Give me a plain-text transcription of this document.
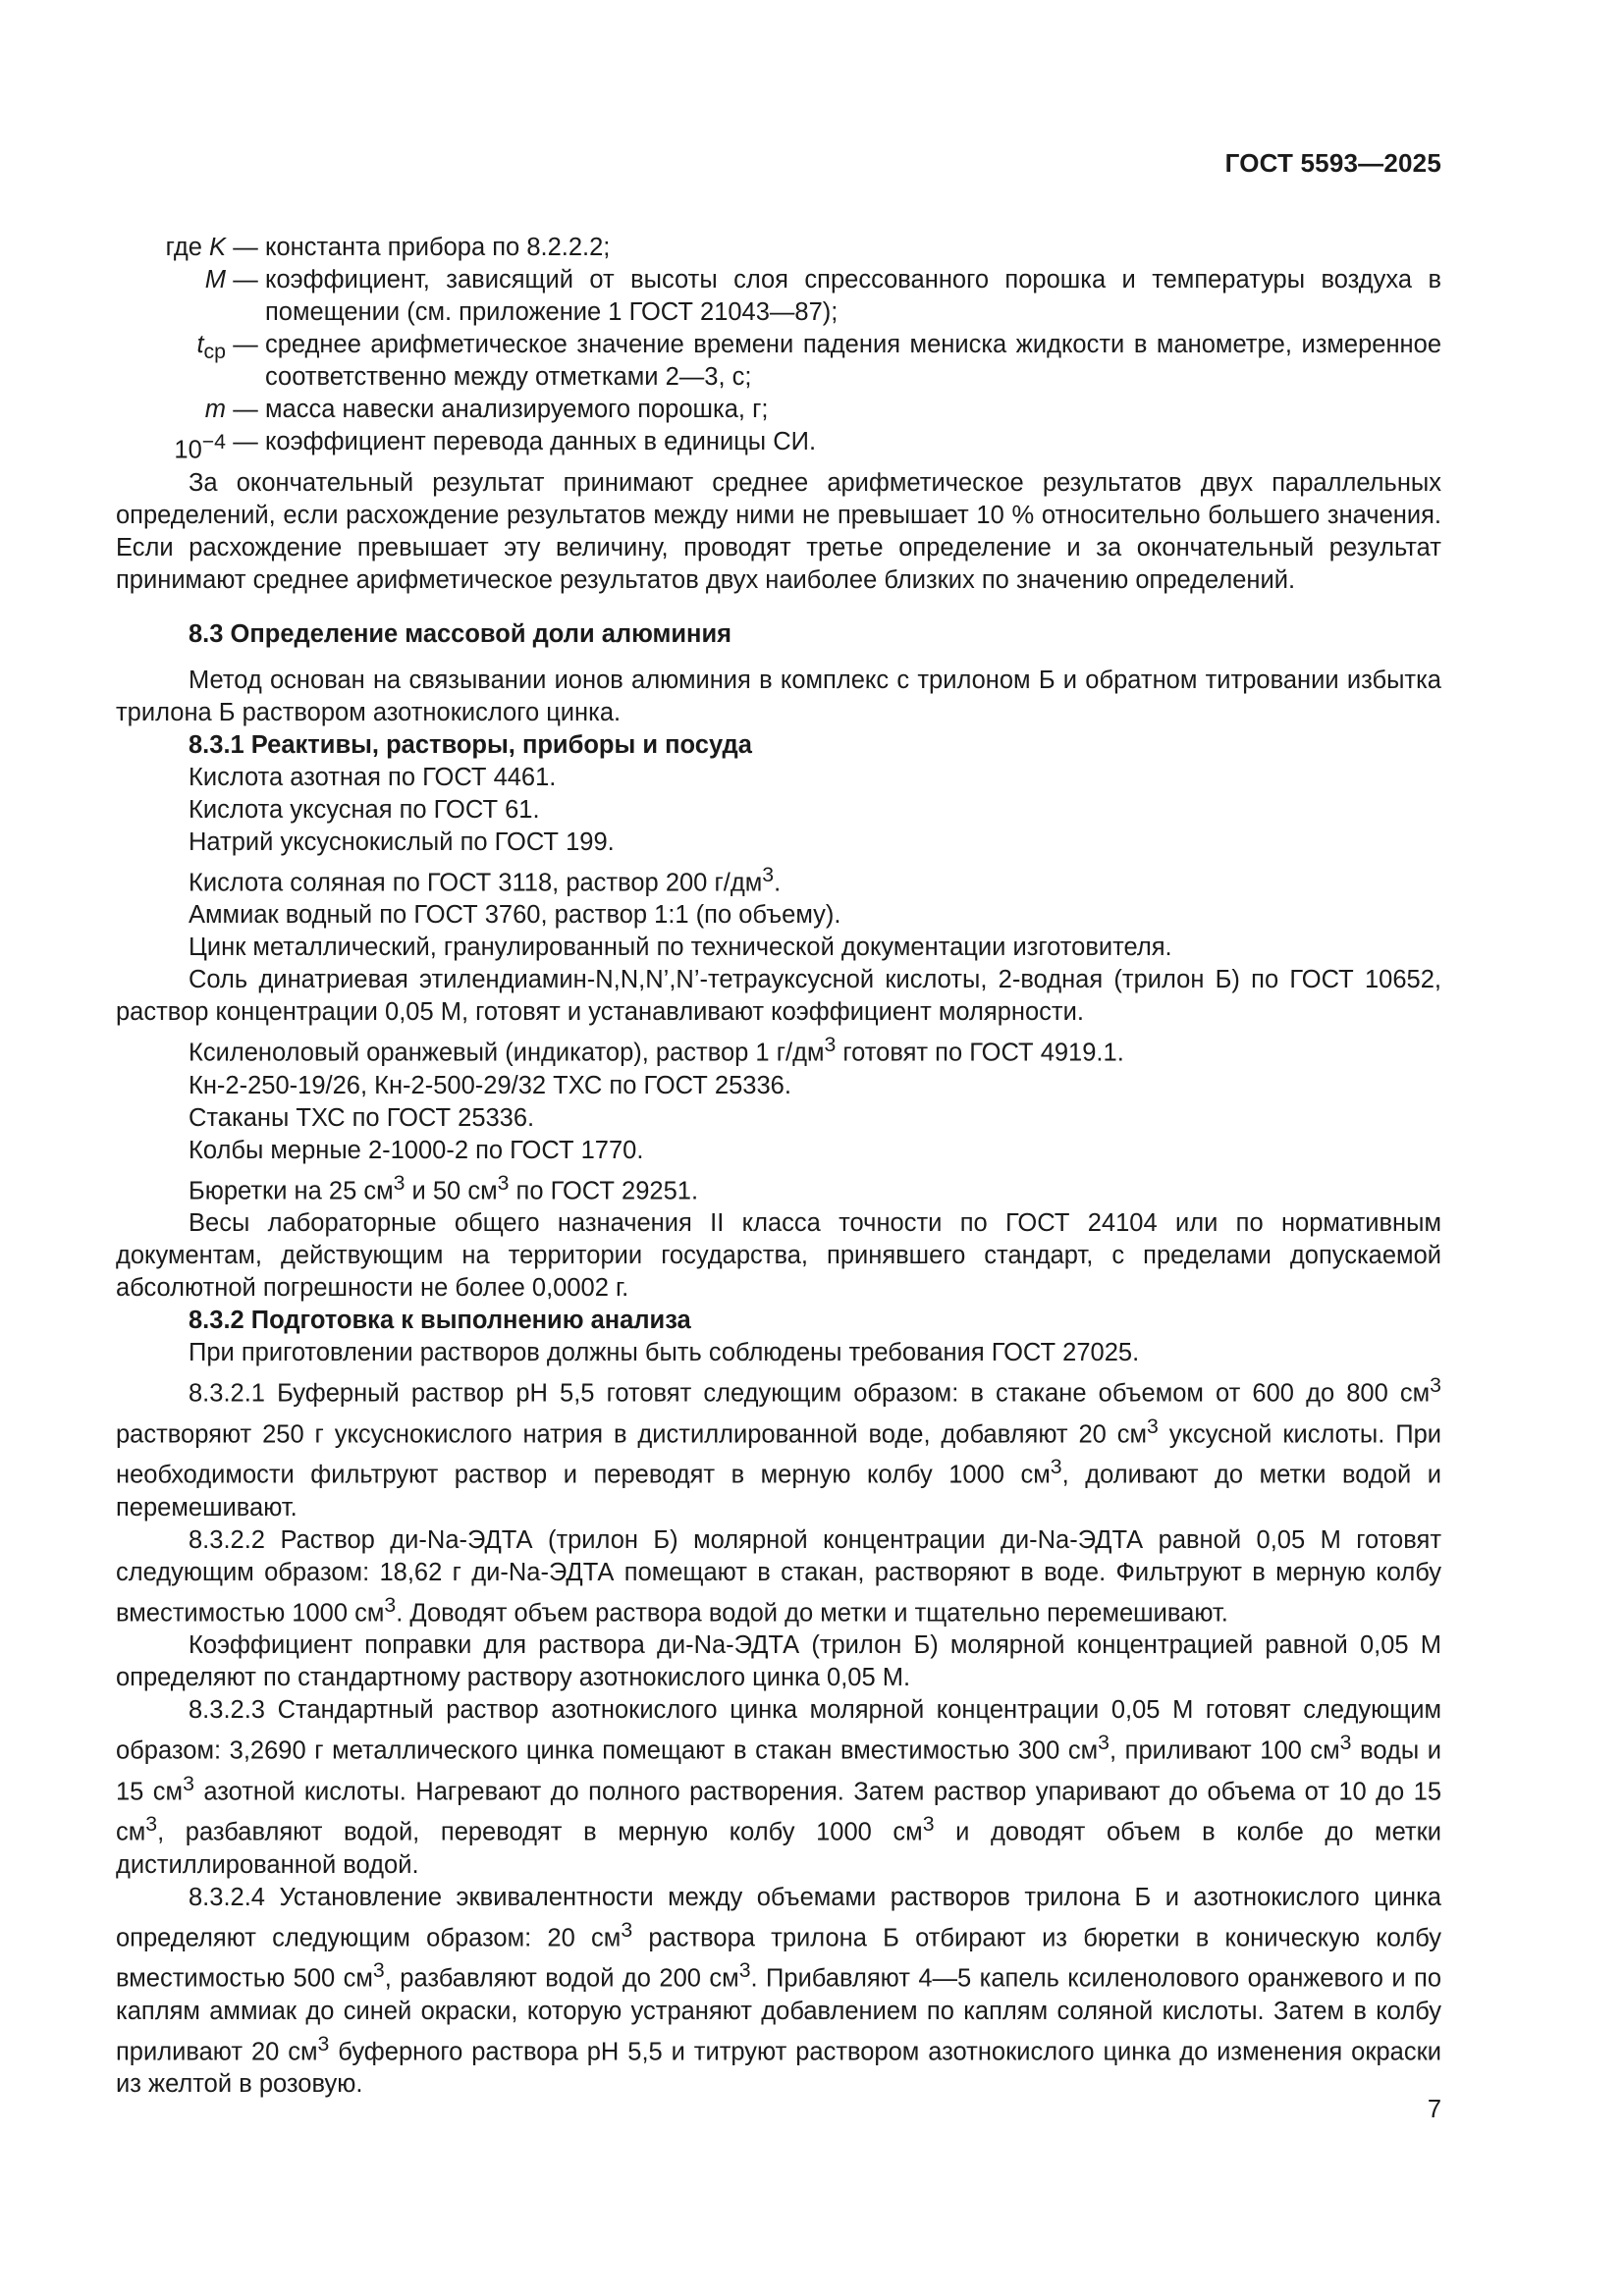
ГОСТ 5593—2025
где K	—	константа прибора по 8.2.2.2;
M	—	коэффициент, зависящий от высоты слоя спрессованного порошка и температуры воздуха в помещении (см. приложение 1 ГОСТ 21043—87);
$t_{ср}$	—	среднее арифметическое значение времени падения мениска жидкости в манометре, измеренное соответственно между отметками 2—3, с;
m	—	масса навески анализируемого порошка, г;
$10^{-4}$	—	коэффициент перевода данных в единицы СИ.

За окончательный результат принимают среднее арифметическое результатов двух параллельных определений, если расхождение результатов между ними не превышает 10 % относительно большего значения. Если расхождение превышает эту величину, проводят третье определение и за окончательный результат принимают среднее арифметическое результатов двух наиболее близких по значению определений.

8.3 Определение массовой доли алюминия

Метод основан на связывании ионов алюминия в комплекс с трилоном Б и обратном титровании избытка трилона Б раствором азотнокислого цинка.

8.3.1 Реактивы, растворы, приборы и посуда

Кислота азотная по ГОСТ 4461.

Кислота уксусная по ГОСТ 61.

Натрий уксуснокислый по ГОСТ 199.

Кислота соляная по ГОСТ 3118, раствор 200 $г/дм^3$.

Аммиак водный по ГОСТ 3760, раствор 1:1 (по объему).

Цинк металлический, гранулированный по технической документации изготовителя.

Соль динатриевая этилендиамин-N,N,N’,N’-тетрауксусной кислоты, 2-водная (трилон Б) по ГОСТ 10652, раствор концентрации 0,05 М, готовят и устанавливают коэффициент молярности.

Ксиленоловый оранжевый (индикатор), раствор 1 $г/дм^3$ готовят по ГОСТ 4919.1.

Кн-2-250-19/26, Кн-2-500-29/32 ТХС по ГОСТ 25336.

Стаканы ТХС по ГОСТ 25336.

Колбы мерные 2-1000-2 по ГОСТ 1770.

Бюретки на 25 $см^3$ и 50 $см^3$ по ГОСТ 29251.

Весы лабораторные общего назначения II класса точности по ГОСТ 24104 или по нормативным документам, действующим на территории государства, принявшего стандарт, с пределами допускаемой абсолютной погрешности не более 0,0002 г.

8.3.2 Подготовка к выполнению анализа

При приготовлении растворов должны быть соблюдены требования ГОСТ 27025.

8.3.2.1 Буферный раствор pH 5,5 готовят следующим образом: в стакане объемом от 600 до 800 $см^3$ растворяют 250 г уксуснокислого натрия в дистиллированной воде, добавляют 20 $см^3$ уксусной кислоты. При необходимости фильтруют раствор и переводят в мерную колбу 1000 $см^3$, доливают до метки водой и перемешивают.

8.3.2.2 Раствор ди-Na-ЭДТА (трилон Б) молярной концентрации ди-Na-ЭДТА равной 0,05 М готовят следующим образом: 18,62 г ди-Na-ЭДТА помещают в стакан, растворяют в воде. Фильтруют в мерную колбу вместимостью 1000 $см^3$. Доводят объем раствора водой до метки и тщательно перемешивают.

Коэффициент поправки для раствора ди-Na-ЭДТА (трилон Б) молярной концентрацией равной 0,05 М определяют по стандартному раствору азотнокислого цинка 0,05 М.

8.3.2.3 Стандартный раствор азотнокислого цинка молярной концентрации 0,05 М готовят следующим образом: 3,2690 г металлического цинка помещают в стакан вместимостью 300 $см^3$, приливают 100 $см^3$ воды и 15 $см^3$ азотной кислоты. Нагревают до полного растворения. Затем раствор упаривают до объема от 10 до 15 $см^3$, разбавляют водой, переводят в мерную колбу 1000 $см^3$ и доводят объем в колбе до метки дистиллированной водой.

8.3.2.4 Установление эквивалентности между объемами растворов трилона Б и азотнокислого цинка определяют следующим образом: 20 $см^3$ раствора трилона Б отбирают из бюретки в коническую колбу вместимостью 500 $см^3$, разбавляют водой до 200 $см^3$. Прибавляют 4—5 капель ксиленолового оранжевого и по каплям аммиак до синей окраски, которую устраняют добавлением по каплям соляной кислоты. Затем в колбу приливают 20 $см^3$ буферного раствора pH 5,5 и титруют раствором азотнокислого цинка до изменения окраски из желтой в розовую.

7
